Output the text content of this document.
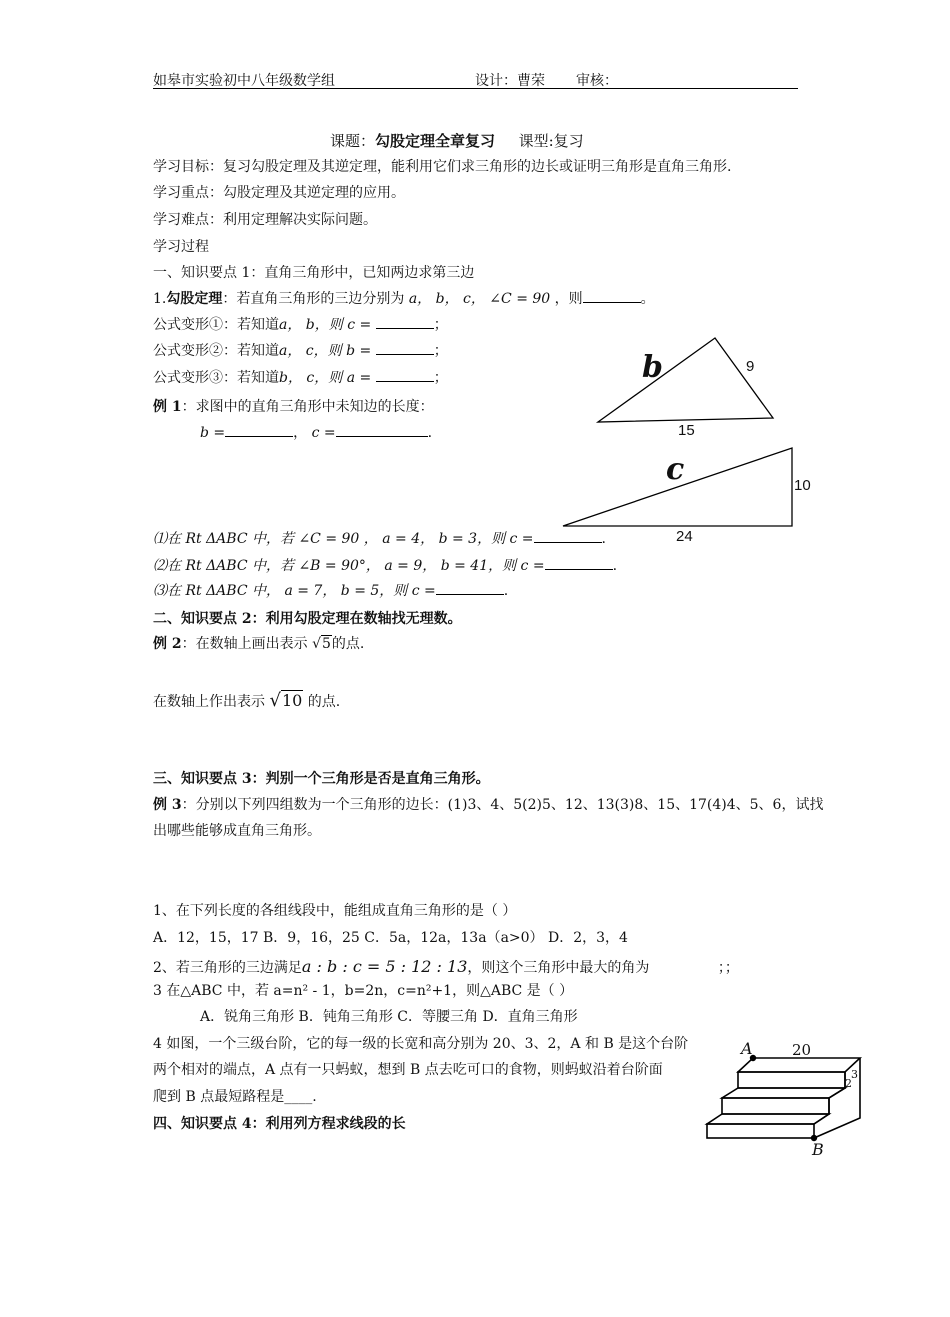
如皋市实验初中八年级数学组	设计：曹荣 审核：
课题：勾股定理全章复习 课型:复习
学习目标：复习勾股定理及其逆定理，能利用它们求三角形的边长或证明三角形是直角三角形.
学习重点：勾股定理及其逆定理的应用。
学习难点：利用定理解决实际问题。
学习过程
一、知识要点 1：直角三角形中，已知两边求第三边
1.勾股定理：若直角三角形的三边分别为 a， b， c， ∠C = 90 ，则	。
公式变形①：若知道a， b，则 c =	；
公式变形②：若知道a， c，则 b =	；
公式变形③：若知道b， c，则 a =	；
例 1：求图中的直角三角形中未知边的长度：
b =	， c =	.
b	9
15
c	10
24
⑴在 Rt ΔABC 中，若 ∠C = 90 ， a = 4， b = 3，则 c =	.
⑵在 Rt ΔABC 中，若 ∠B = 90°， a = 9， b = 41，则 c =	.
⑶在 Rt ΔABC 中， a = 7， b = 5，则 c =	.
二、知识要点 2：利用勾股定理在数轴找无理数。
例 2：在数轴上画出表示 √5的点.
在数轴上作出表示 √10 的点.
三、知识要点 3：判别一个三角形是否是直角三角形。
例 3：分别以下列四组数为一个三角形的边长：(1)3、4、5(2)5、12、13(3)8、15、17(4)4、5、6，试找
出哪些能够成直角三角形。
1、在下列长度的各组线段中，能组成直角三角形的是（ ）
A．12，15，17 B．9，16，25 C．5a，12a，13a（a>0） D．2，3，4
2、若三角形的三边满足a : b : c = 5 : 12 : 13，则这个三角形中最大的角为	；；
3 在△ABC 中，若 a=n² - 1，b=2n，c=n²+1，则△ABC 是（ ）
A．锐角三角形 B．钝角三角形 C．等腰三角 D．直角三角形
4 如图，一个三级台阶，它的每一级的长宽和高分别为 20、3、2，A 和 B 是这个台阶
两个相对的端点，A 点有一只蚂蚁，想到 B 点去吃可口的食物，则蚂蚁沿着台阶面
爬到 B 点最短路程是____.
四、知识要点 4：利用列方程求线段的长
A	20
3
2
B
